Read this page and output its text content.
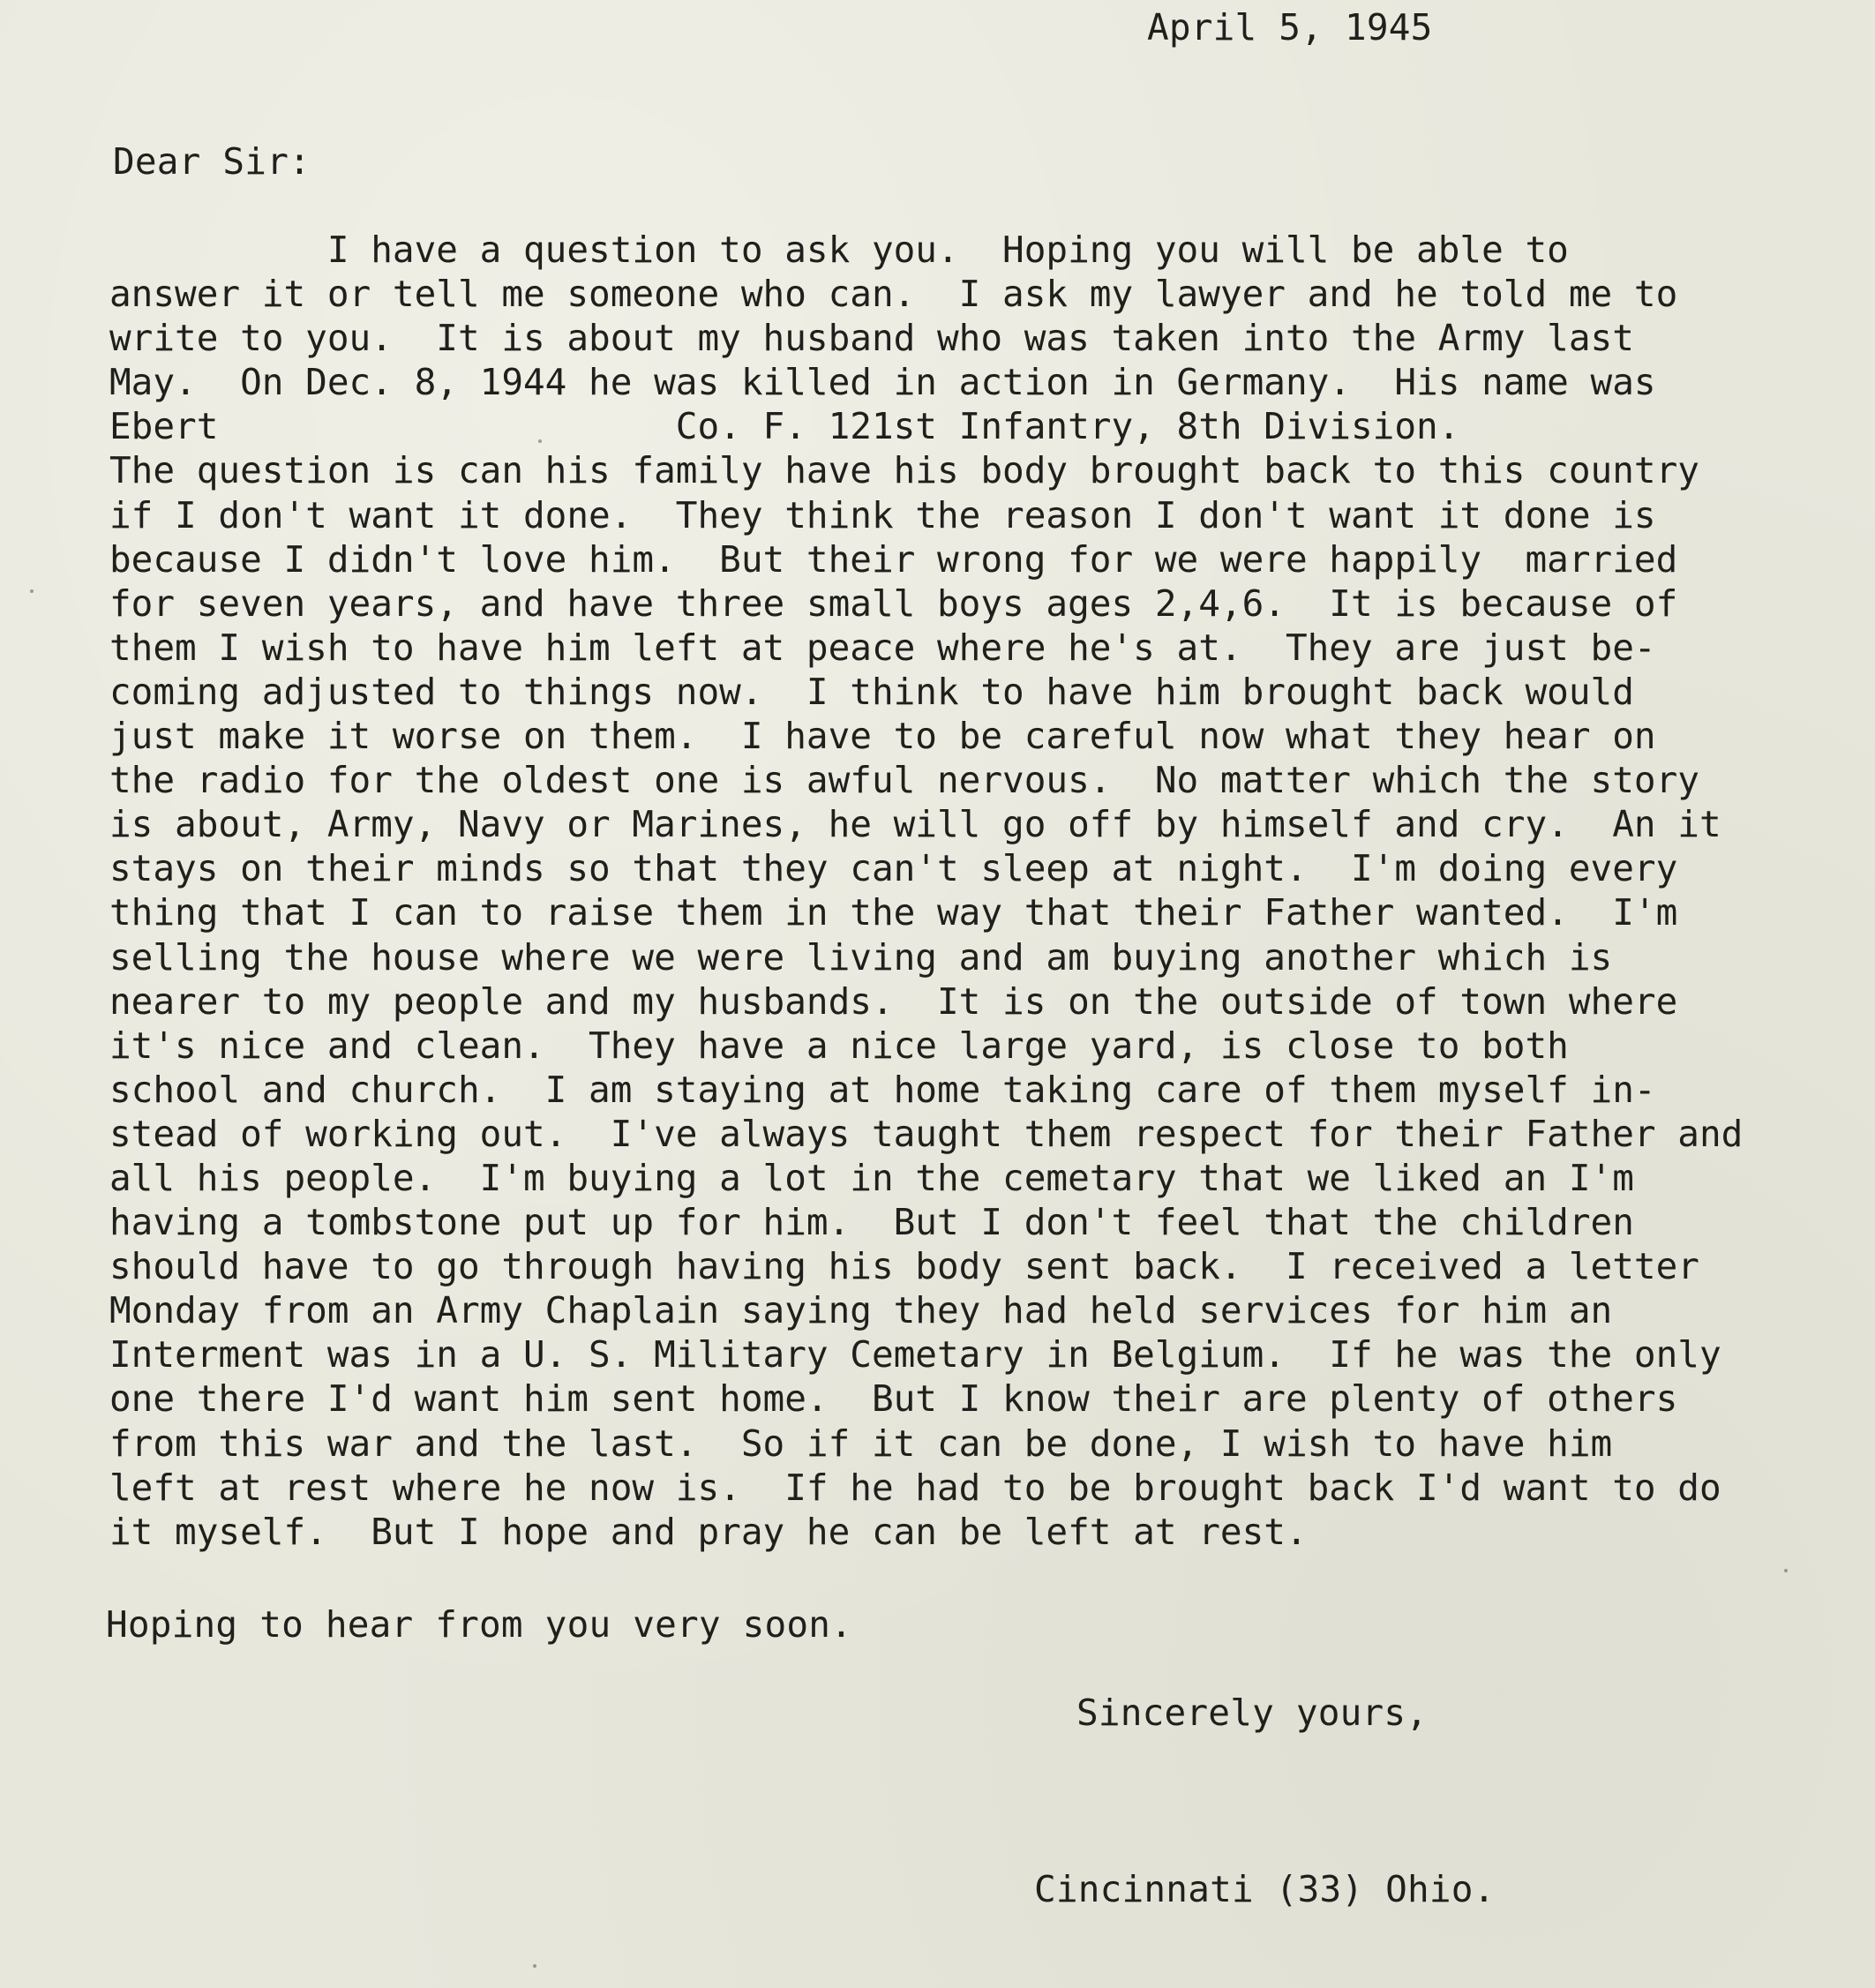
April 5, 1945
Dear Sir:
I have a question to ask you.  Hoping you will be able to
answer it or tell me someone who can.  I ask my lawyer and he told me to
write to you.  It is about my husband who was taken into the Army last
May.  On Dec. 8, 1944 he was killed in action in Germany.  His name was
Ebert                     Co. F. 121st Infantry, 8th Division.
The question is can his family have his body brought back to this country
if I don't want it done.  They think the reason I don't want it done is
because I didn't love him.  But their wrong for we were happily  married
for seven years, and have three small boys ages 2,4,6.  It is because of
them I wish to have him left at peace where he's at.  They are just be-
coming adjusted to things now.  I think to have him brought back would
just make it worse on them.  I have to be careful now what they hear on
the radio for the oldest one is awful nervous.  No matter which the story
is about, Army, Navy or Marines, he will go off by himself and cry.  An it
stays on their minds so that they can't sleep at night.  I'm doing every
thing that I can to raise them in the way that their Father wanted.  I'm
selling the house where we were living and am buying another which is
nearer to my people and my husbands.  It is on the outside of town where
it's nice and clean.  They have a nice large yard, is close to both
school and church.  I am staying at home taking care of them myself in-
stead of working out.  I've always taught them respect for their Father and
all his people.  I'm buying a lot in the cemetary that we liked an I'm
having a tombstone put up for him.  But I don't feel that the children
should have to go through having his body sent back.  I received a letter
Monday from an Army Chaplain saying they had held services for him an
Interment was in a U. S. Military Cemetary in Belgium.  If he was the only
one there I'd want him sent home.  But I know their are plenty of others
from this war and the last.  So if it can be done, I wish to have him
left at rest where he now is.  If he had to be brought back I'd want to do
it myself.  But I hope and pray he can be left at rest.
Hoping to hear from you very soon.
Sincerely yours,
Cincinnati (33) Ohio.
